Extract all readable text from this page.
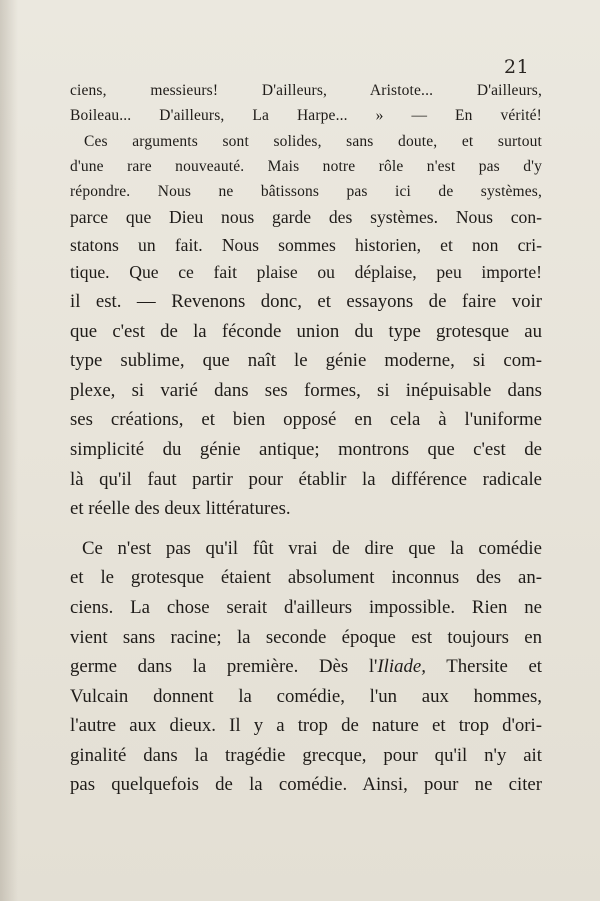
21
ciens, messieurs! D'ailleurs, Aristote... D'ailleurs,
Boileau... D'ailleurs, La Harpe... » — En vérité!
Ces arguments sont solides, sans doute, et surtout
d'une rare nouveauté. Mais notre rôle n'est pas d'y
répondre. Nous ne bâtissons pas ici de systèmes,
parce que Dieu nous garde des systèmes. Nous con-
statons un fait. Nous sommes historien, et non cri-
tique. Que ce fait plaise ou déplaise, peu importe!
il est. — Revenons donc, et essayons de faire voir
que c'est de la féconde union du type grotesque au
type sublime, que naît le génie moderne, si com-
plexe, si varié dans ses formes, si inépuisable dans
ses créations, et bien opposé en cela à l'uniforme
simplicité du génie antique; montrons que c'est de
là qu'il faut partir pour établir la différence radicale
et réelle des deux littératures.
Ce n'est pas qu'il fût vrai de dire que la comédie
et le grotesque étaient absolument inconnus des an-
ciens. La chose serait d'ailleurs impossible. Rien ne
vient sans racine; la seconde époque est toujours en
germe dans la première. Dès l'Iliade, Thersite et
Vulcain donnent la comédie, l'un aux hommes,
l'autre aux dieux. Il y a trop de nature et trop d'ori-
ginalité dans la tragédie grecque, pour qu'il n'y ait
pas quelquefois de la comédie. Ainsi, pour ne citer
